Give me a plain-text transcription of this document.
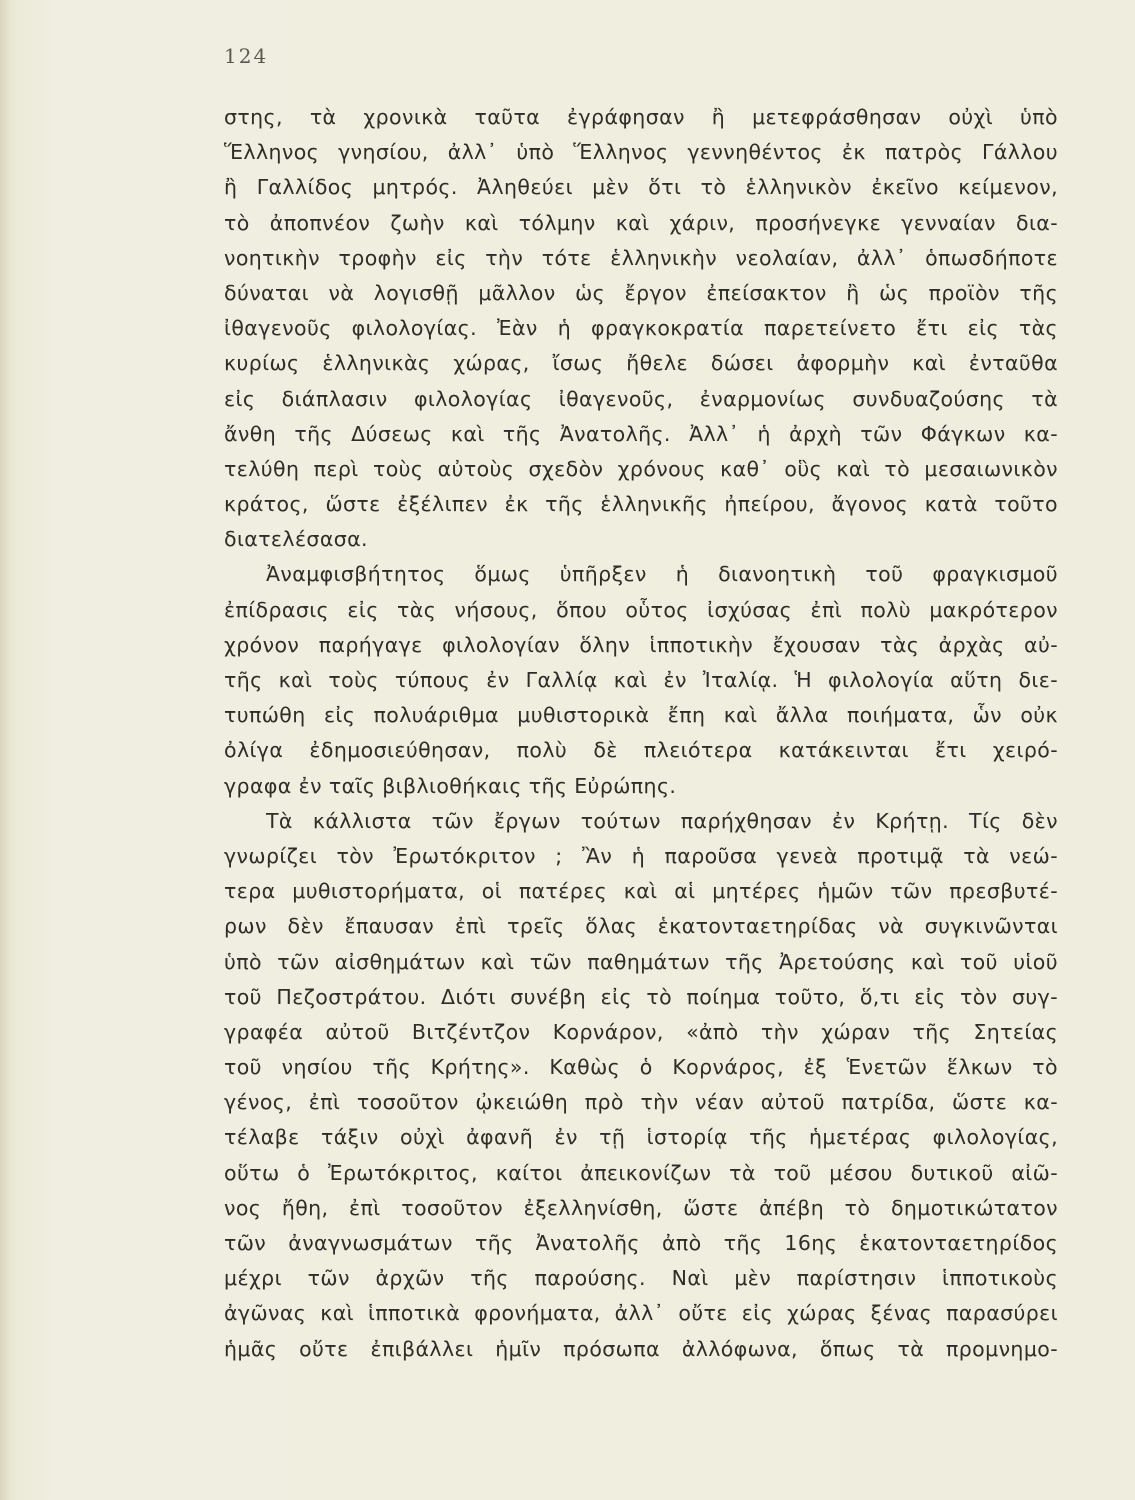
124
στης, τὰ χρονικὰ ταῦτα ἐγράφησαν ἢ μετεφράσθησαν οὐχὶ ὑπὸ
Ἕλληνος γνησίου, ἀλλ᾽ ὑπὸ Ἕλληνος γεννηθέντος ἐκ πατρὸς Γάλλου
ἢ Γαλλίδος μητρός. Ἀληθεύει μὲν ὅτι τὸ ἑλληνικὸν ἐκεῖνο κείμενον,
τὸ ἀποπνέον ζωὴν καὶ τόλμην καὶ χάριν, προσήνεγκε γενναίαν δια-
νοητικὴν τροφὴν εἰς τὴν τότε ἑλληνικὴν νεολαίαν, ἀλλ᾽ ὁπωσδήποτε
δύναται νὰ λογισθῇ μᾶλλον ὡς ἔργον ἐπείσακτον ἢ ὡς προϊὸν τῆς
ἰθαγενοῦς φιλολογίας. Ἐὰν ἡ φραγκοκρατία παρετείνετο ἔτι εἰς τὰς
κυρίως ἑλληνικὰς χώρας, ἴσως ἤθελε δώσει ἀφορμὴν καὶ ἐνταῦθα
εἰς διάπλασιν φιλολογίας ἰθαγενοῦς, ἐναρμονίως συνδυαζούσης τὰ
ἄνθη τῆς Δύσεως καὶ τῆς Ἀνατολῆς. Ἀλλ᾽ ἡ ἀρχὴ τῶν Φάγκων κα-
τελύθη περὶ τοὺς αὐτοὺς σχεδὸν χρόνους καθ᾽ οὓς καὶ τὸ μεσαιωνικὸν
κράτος, ὥστε ἐξέλιπεν ἐκ τῆς ἑλληνικῆς ἠπείρου, ἄγονος κατὰ τοῦτο
διατελέσασα.
Ἀναμφισβήτητος ὅμως ὑπῆρξεν ἡ διανοητικὴ τοῦ φραγκισμοῦ
ἐπίδρασις εἰς τὰς νήσους, ὅπου οὗτος ἰσχύσας ἐπὶ πολὺ μακρότερον
χρόνον παρήγαγε φιλολογίαν ὅλην ἱπποτικὴν ἔχουσαν τὰς ἀρχὰς αὐ-
τῆς καὶ τοὺς τύπους ἐν Γαλλίᾳ καὶ ἐν Ἰταλίᾳ. Ἡ φιλολογία αὕτη διε-
τυπώθη εἰς πολυάριθμα μυθιστορικὰ ἔπη καὶ ἄλλα ποιήματα, ὧν οὐκ
ὀλίγα ἐδημοσιεύθησαν, πολὺ δὲ πλειότερα κατάκεινται ἔτι χειρό-
γραφα ἐν ταῖς βιβλιοθήκαις τῆς Εὐρώπης.
Τὰ κάλλιστα τῶν ἔργων τούτων παρήχθησαν ἐν Κρήτῃ. Τίς δὲν
γνωρίζει τὸν Ἐρωτόκριτον ; Ἂν ἡ παροῦσα γενεὰ προτιμᾷ τὰ νεώ-
τερα μυθιστορήματα, οἱ πατέρες καὶ αἱ μητέρες ἡμῶν τῶν πρεσβυτέ-
ρων δὲν ἔπαυσαν ἐπὶ τρεῖς ὅλας ἑκατονταετηρίδας νὰ συγκινῶνται
ὑπὸ τῶν αἰσθημάτων καὶ τῶν παθημάτων τῆς Ἀρετούσης καὶ τοῦ υἱοῦ
τοῦ Πεζοστράτου. Διότι συνέβη εἰς τὸ ποίημα τοῦτο, ὅ,τι εἰς τὸν συγ-
γραφέα αὐτοῦ Βιτζέντζον Κορνάρον, «ἀπὸ τὴν χώραν τῆς Σητείας
τοῦ νησίου τῆς Κρήτης». Καθὼς ὁ Κορνάρος, ἐξ Ἑνετῶν ἕλκων τὸ
γένος, ἐπὶ τοσοῦτον ᾠκειώθη πρὸ τὴν νέαν αὐτοῦ πατρίδα, ὥστε κα-
τέλαβε τάξιν οὐχὶ ἀφανῆ ἐν τῇ ἱστορίᾳ τῆς ἡμετέρας φιλολογίας,
οὕτω ὁ Ἐρωτόκριτος, καίτοι ἀπεικονίζων τὰ τοῦ μέσου δυτικοῦ αἰῶ-
νος ἤθη, ἐπὶ τοσοῦτον ἐξελληνίσθη, ὥστε ἀπέβη τὸ δημοτικώτατον
τῶν ἀναγνωσμάτων τῆς Ἀνατολῆς ἀπὸ τῆς 16ης ἑκατονταετηρίδος
μέχρι τῶν ἀρχῶν τῆς παρούσης. Ναὶ μὲν παρίστησιν ἱπποτικοὺς
ἀγῶνας καὶ ἱπποτικὰ φρονήματα, ἀλλ᾽ οὔτε εἰς χώρας ξένας παρασύρει
ἡμᾶς οὔτε ἐπιβάλλει ἡμῖν πρόσωπα ἀλλόφωνα, ὅπως τὰ προμνημο-
